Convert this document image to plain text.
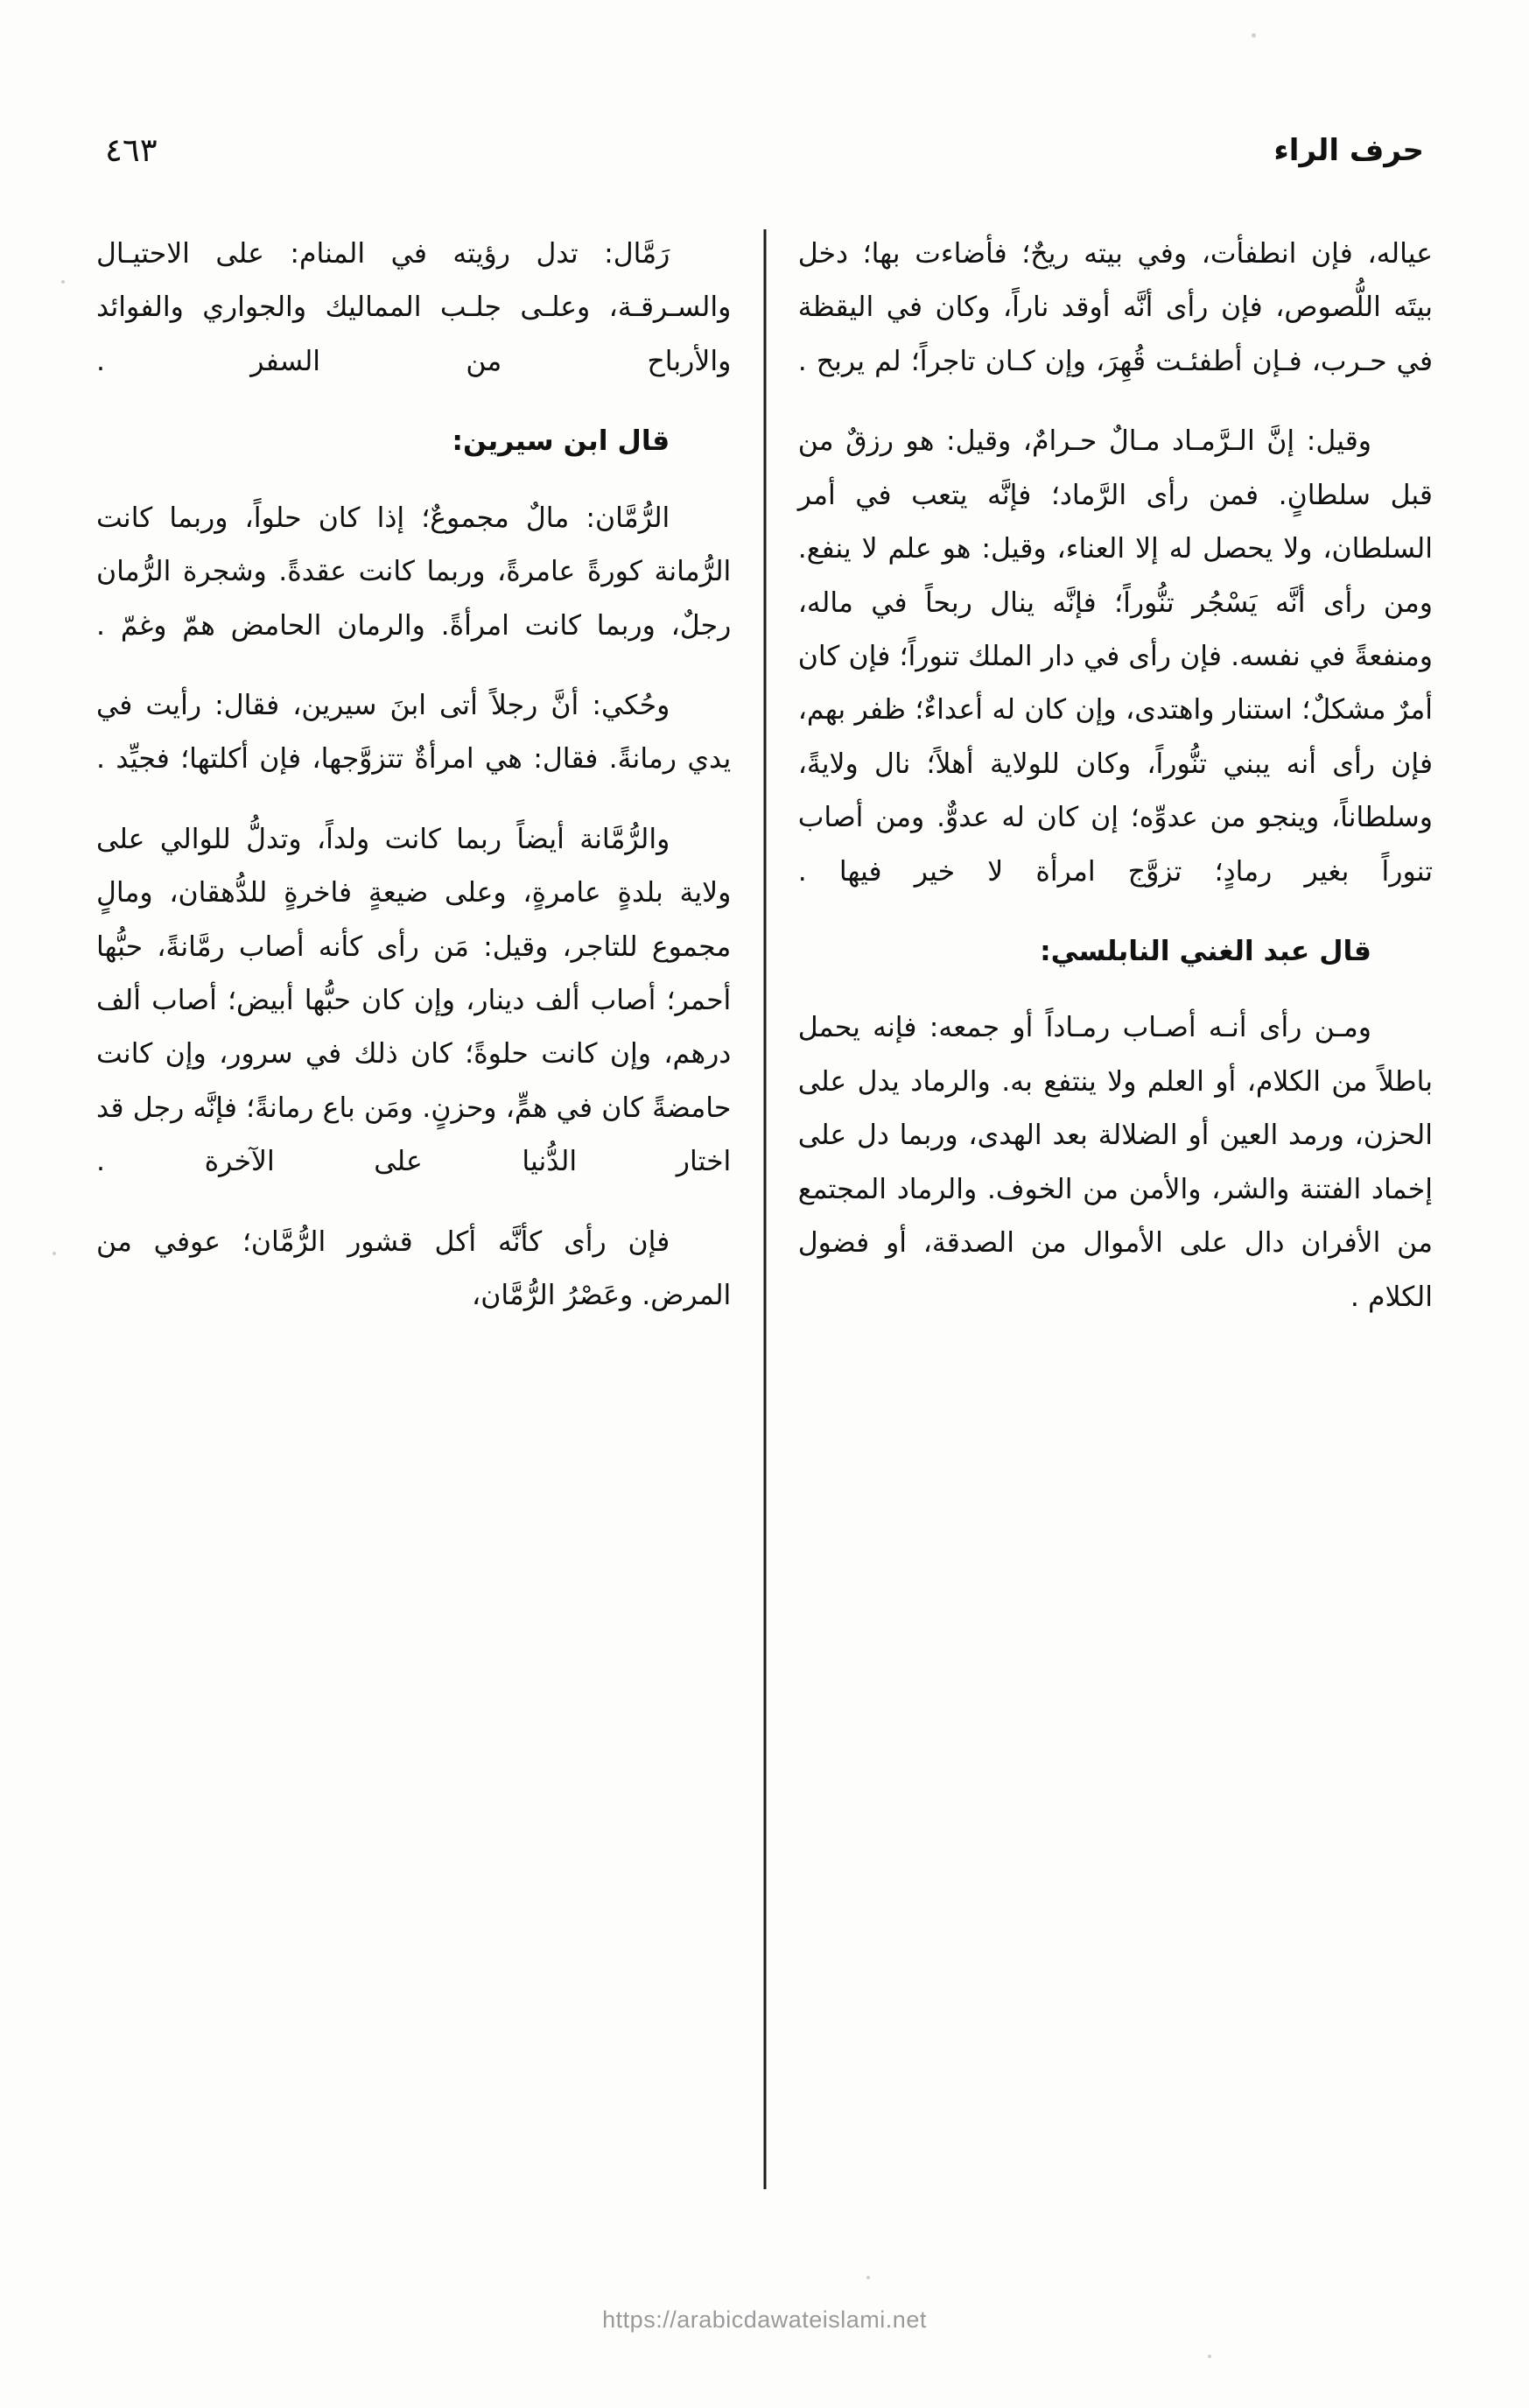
٤٦٣	حرف الراء

رَمَّال: تدل رؤيته في المنام: على الاحتيـال والسـرقـة، وعلـى جلـب المماليك والجواري والفوائد والأرباح من السفر .

قال ابن سيرين:

الرُّمَّان: مالٌ مجموعٌ؛ إذا كان حلواً، وربما كانت الرُّمانة كورةً عامرةً، وربما كانت عقدةً. وشجرة الرُّمان رجلٌ، وربما كانت امرأةً. والرمان الحامض همّ وغمّ .

وحُكي: أنَّ رجلاً أتى ابنَ سيرين، فقال: رأيت في يدي رمانةً. فقال: هي امرأةٌ تتزوَّجها، فإن أكلتها؛ فجيِّد .

والرُّمَّانة أيضاً ربما كانت ولداً، وتدلُّ للوالي على ولاية بلدةٍ عامرةٍ، وعلى ضيعةٍ فاخرةٍ للدُّهقان، ومالٍ مجموع للتاجر، وقيل: مَن رأى كأنه أصاب رمَّانةً، حبُّها أحمر؛ أصاب ألف دينار، وإن كان حبُّها أبيض؛ أصاب ألف درهم، وإن كانت حلوةً؛ كان ذلك في سرور، وإن كانت حامضةً كان في همٍّ، وحزنٍ. ومَن باع رمانةً؛ فإنَّه رجل قد اختار الدُّنيا على الآخرة .

فإن رأى كأنَّه أكل قشور الرُّمَّان؛ عوفي من المرض. وعَصْرُ الرُّمَّان،

عياله، فإن انطفأت، وفي بيته ريحٌ؛ فأضاءت بها؛ دخل بيتَه اللُّصوص، فإن رأى أنَّه أوقد ناراً، وكان في اليقظة في حـرب، فـإن أطفئـت قُهِرَ، وإن كـان تاجراً؛ لم يربح .

وقيل: إنَّ الـرَّمـاد مـالٌ حـرامٌ، وقيل: هو رزقٌ من قبل سلطانٍ. فمن رأى الرَّماد؛ فإنَّه يتعب في أمر السلطان، ولا يحصل له إلا العناء، وقيل: هو علم لا ينفع. ومن رأى أنَّه يَسْجُر تنُّوراً؛ فإنَّه ينال ربحاً في ماله، ومنفعةً في نفسه. فإن رأى في دار الملك تنوراً؛ فإن كان أمرٌ مشكلٌ؛ استنار واهتدى، وإن كان له أعداءٌ؛ ظفر بهم، فإن رأى أنه يبني تنُّوراً، وكان للولاية أهلاً؛ نال ولايةً، وسلطاناً، وينجو من عدوِّه؛ إن كان له عدوٌّ. ومن أصاب تنوراً بغير رمادٍ؛ تزوَّج امرأة لا خير فيها .

قال عبد الغني النابلسي:

ومـن رأى أنـه أصـاب رمـاداً أو جمعه: فإنه يحمل باطلاً من الكلام، أو العلم ولا ينتفع به. والرماد يدل على الحزن، ورمد العين أو الضلالة بعد الهدى، وربما دل على إخماد الفتنة والشر، والأمن من الخوف. والرماد المجتمع من الأفران دال على الأموال من الصدقة، أو فضول الكلام .

https://arabicdawateislami.net
